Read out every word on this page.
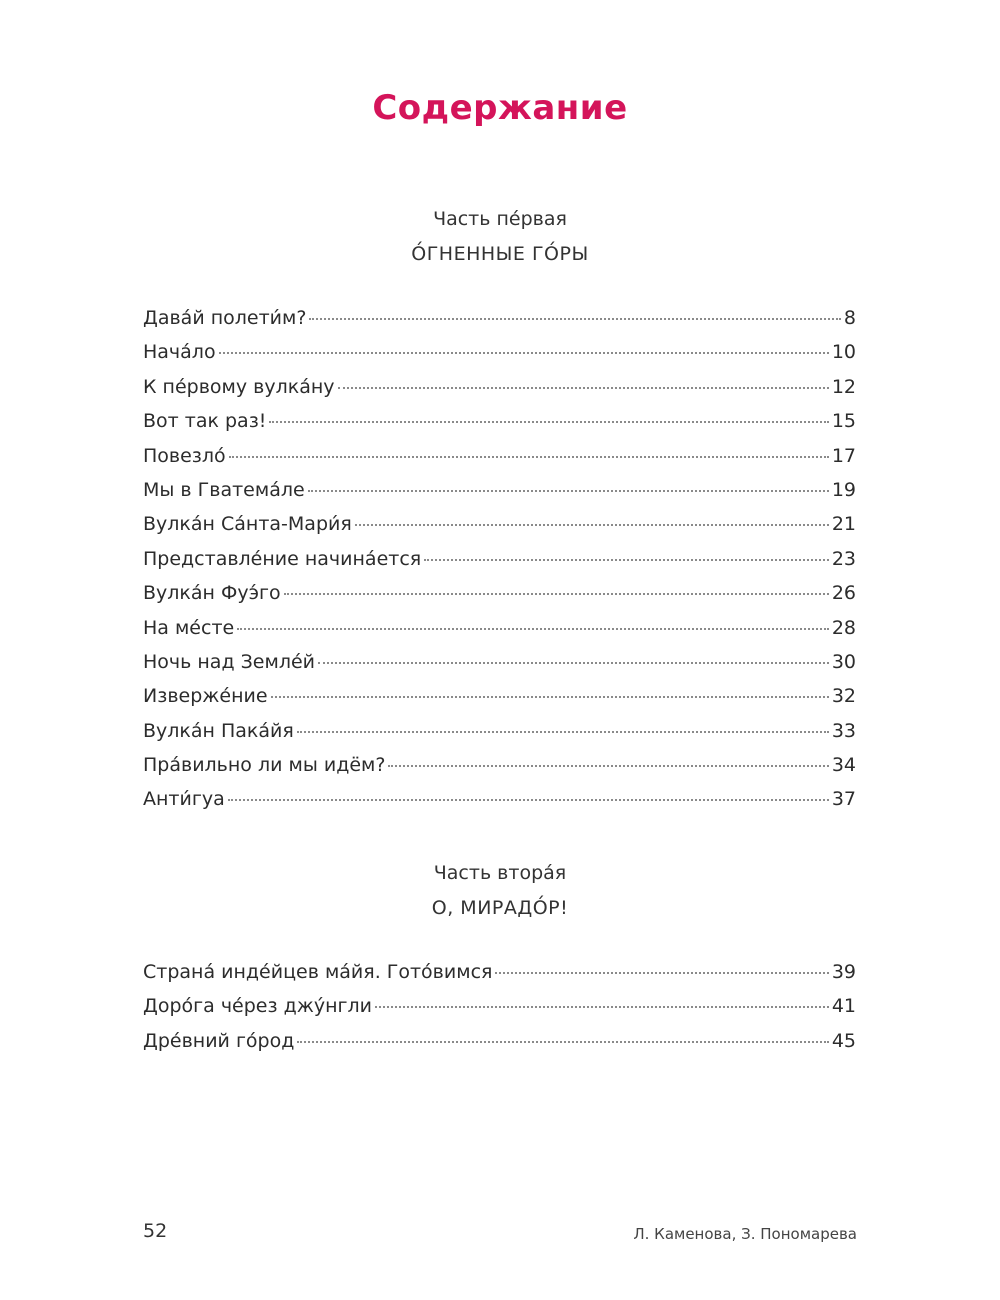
Содержание
Часть пе́рвая
О́ГНЕННЫЕ ГО́РЫ
Дава́й полети́м?	8
Нача́ло	10
К пе́рвому вулка́ну	12
Вот так раз!	15
Повезло́	17
Мы в Гватема́ле	19
Вулка́н Са́нта-Мари́я	21
Представле́ние начина́ется	23
Вулка́н Фуэ́го	26
На ме́сте	28
Ночь над Земле́й	30
Изверже́ние	32
Вулка́н Пака́йя	33
Пра́вильно ли мы идём?	34
Анти́гуа	37
Часть втора́я
О, МИРАДО́Р!
Страна́ инде́йцев ма́йя. Гото́вимся	39
Доро́га че́рез джу́нгли	41
Дре́вний го́род	45
52	Л. Каменова, З. Пономарева
